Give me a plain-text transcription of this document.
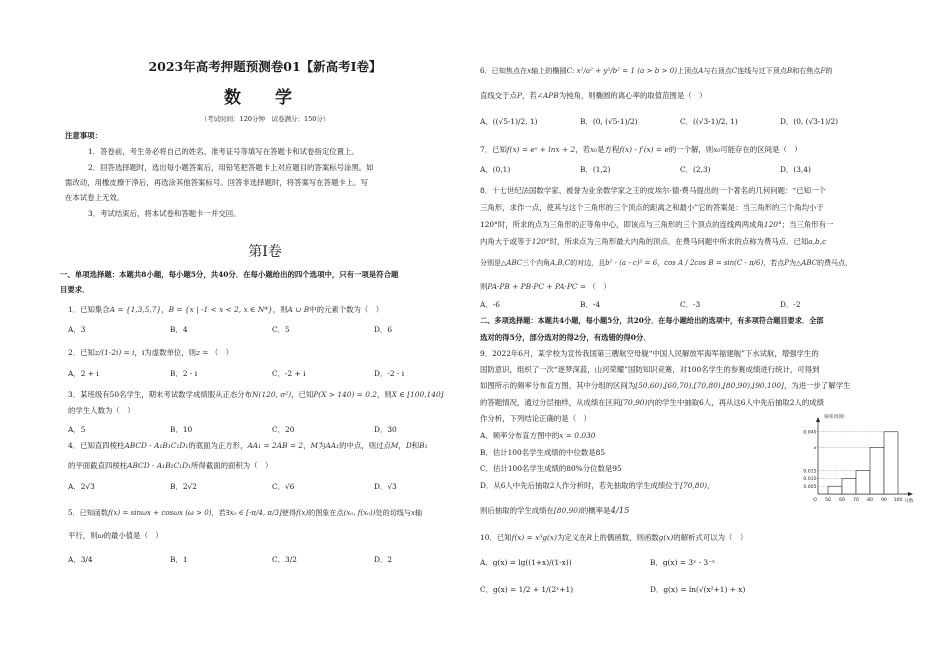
2023年高考押题预测卷01【新高考Ⅰ卷】
数 学
（考试时间：120分钟　试卷满分：150分）
注意事项：
1．答卷前，考生务必将自己的姓名、准考证号等填写在答题卡和试卷指定位置上。
2．回答选择题时，选出每小题答案后，用铅笔把答题卡上对应题目的答案标号涂黑。如
需改动，用橡皮擦干净后，再选涂其他答案标号。回答非选择题时，将答案写在答题卡上。写
在本试卷上无效。
3．考试结束后，将本试卷和答题卡一并交回。
第Ⅰ卷
一、单项选择题：本题共8小题，每小题5分，共40分．在每小题给出的四个选项中，只有一项是符合题
目要求．
1．已知集合A = {1,3,5,7}，B = {x | -1 < x < 2, x ∈ N*}，则A ∪ B中的元素个数为（　）
A．3	B．4	C．5	D．6
2．已知z/(1-2i) = i，i为虚数单位，则z = （　）
A．2 + i	B．2 - i	C．-2 + i	D．-2 - i
3．某班级有50名学生，期末考试数学成绩服从正态分布N(120, σ²)，已知P(X > 140) = 0.2，则X ∈ [100,140]
的学生人数为（　）
A．5	B．10	C．20	D．30
4．已知直四棱柱ABCD - A₁B₁C₁D₁的底面为正方形，AA₁ = 2AB = 2，M为AA₁的中点，则过点M，D和B₁
的平面截直四棱柱ABCD - A₁B₁C₁D₁所得截面的面积为（　）
A．2√3	B．2√2	C．√6	D．√3
5．已知函数f(x) = sinωx + cosωx (ω > 0)，若∃x₀ ∈ [-π/4, π/3]使得f(x)的图象在点(x₀, f(x₀))处的切线与x轴
平行，则ω的最小值是（　）
A．3/4	B．1	C．3/2	D．2
6．已知焦点在x轴上的椭圆C: x²/a² + y²/b² = 1 (a > b > 0)上顶点A与右顶点C连线与过下顶点B和右焦点F的
直线交于点P，若∠APB为钝角，则椭圆的离心率的取值范围是（　）
A．((√5-1)/2, 1)	B．(0, (√5-1)/2)	C．((√3-1)/2, 1)	D．(0, (√3-1)/2)
7．已知f(x) = eˣ + lnx + 2，若x₀是方程f(x) - f′(x) = e的一个解，则x₀可能存在的区间是（　）
A．(0,1)	B．(1,2)	C．(2,3)	D．(3,4)
8．十七世纪法国数学家、被誉为业余数学家之王的皮埃尔·德·费马提出的一个著名的几何问题：“已知一个
三角形，求作一点，使其与这个三角形的三个顶点的距离之和最小”它的答案是：当三角形的三个角均小于
120°时，所求的点为三角形的正等角中心，即该点与三角形的三个顶点的连线两两成角120°；当三角形有一
内角大于或等于120°时，所求点为三角形最大内角的顶点．在费马问题中所求的点称为费马点．已知a,b,c
分别是△ABC三个内角A,B,C的对边，且b² - (a - c)² = 6，cos A / 2cos B = sin(C - π/6)，若点P为△ABC的费马点，
则PA·PB + PB·PC + PA·PC = （　）
A．-6	B．-4	C．-3	D．-2
二、多项选择题：本题共4小题，每小题5分，共20分．在每小题给出的选项中，有多项符合题目要求．全部
选对的得5分，部分选对的得2分，有选错的得0分．
9．2022年6月，某学校为宣传我国第三艘航空母舰“中国人民解放军海军福建舰”下水试航，增强学生的
国防意识，组织了一次“逐梦深蓝，山河荣耀”国防知识竞赛，对100名学生的参赛成绩进行统计，可得到
如图所示的频率分布直方图，其中分组的区间为[50,60),[60,70),[70,80),[80,90),[90,100]，为进一步了解学生
的答题情况，通过分层抽样，从成绩在区间[70,90)内的学生中抽取6人，再从这6人中先后抽取2人的成绩
作分析，下列结论正确的是（　）
A．频率分布直方图中的x = 0.030
B．估计100名学生成绩的中位数是85
C．估计100名学生成绩的80%分位数是95
D．从6人中先后抽取2人作分析时，若先抽取的学生成绩位于[70,80)，
则后抽取的学生成绩在[80,90)的概率是4/15
频率/组距
分数
0.040
x
0.015
0.010
0.005
O 50 60 70 80 90 100
10．已知f(x) = x³g(x)为定义在R上的偶函数，则函数g(x)的解析式可以为（　）
A．g(x) = lg((1+x)/(1-x))	B．g(x) = 3ˣ - 3⁻ˣ
C．g(x) = 1/2 + 1/(2ˣ+1)	D．g(x) = ln(√(x²+1) + x)
